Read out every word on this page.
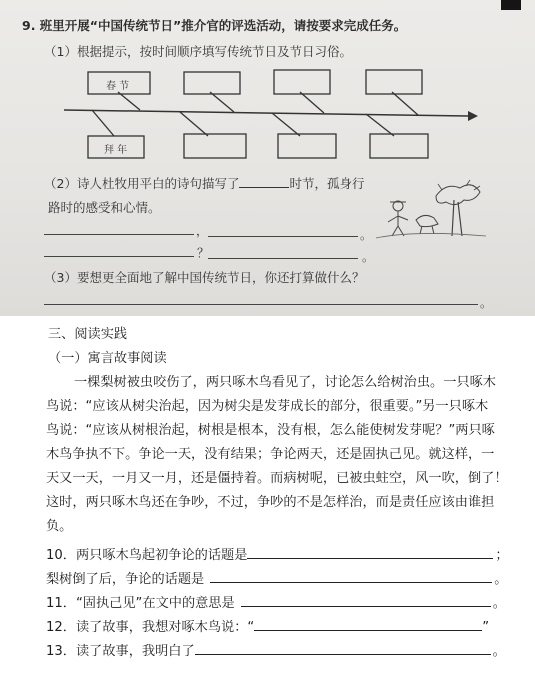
9. 班里开展“中国传统节日”推介官的评选活动，请按要求完成任务。
（1）根据提示，按时间顺序填写传统节日及节日习俗。
春 节
拜 年
（2）诗人杜牧用平白的诗句描写了	时节，孤身行
路时的感受和心情。
，	。
？	。
（3）要想更全面地了解中国传统节日，你还打算做什么？
。
三、阅读实践
（一）寓言故事阅读
一棵梨树被虫咬伤了，两只啄木鸟看见了，讨论怎么给树治虫。一只啄木
鸟说：“应该从树尖治起，因为树尖是发芽成长的部分，很重要。”另一只啄木
鸟说：“应该从树根治起，树根是根本，没有根，怎么能使树发芽呢？”两只啄
木鸟争执不下。争论一天，没有结果；争论两天，还是固执己见。就这样，一
天又一天，一月又一月，还是僵持着。而病树呢，已被虫蛀空，风一吹，倒了！
这时，两只啄木鸟还在争吵，不过，争吵的不是怎样治，而是责任应该由谁担
负。
10．两只啄木鸟起初争论的话题是	；
梨树倒了后，争论的话题是	。
11．“固执己见”在文中的意思是	。
12．读了故事，我想对啄木鸟说：“	”
13．读了故事，我明白了	。
